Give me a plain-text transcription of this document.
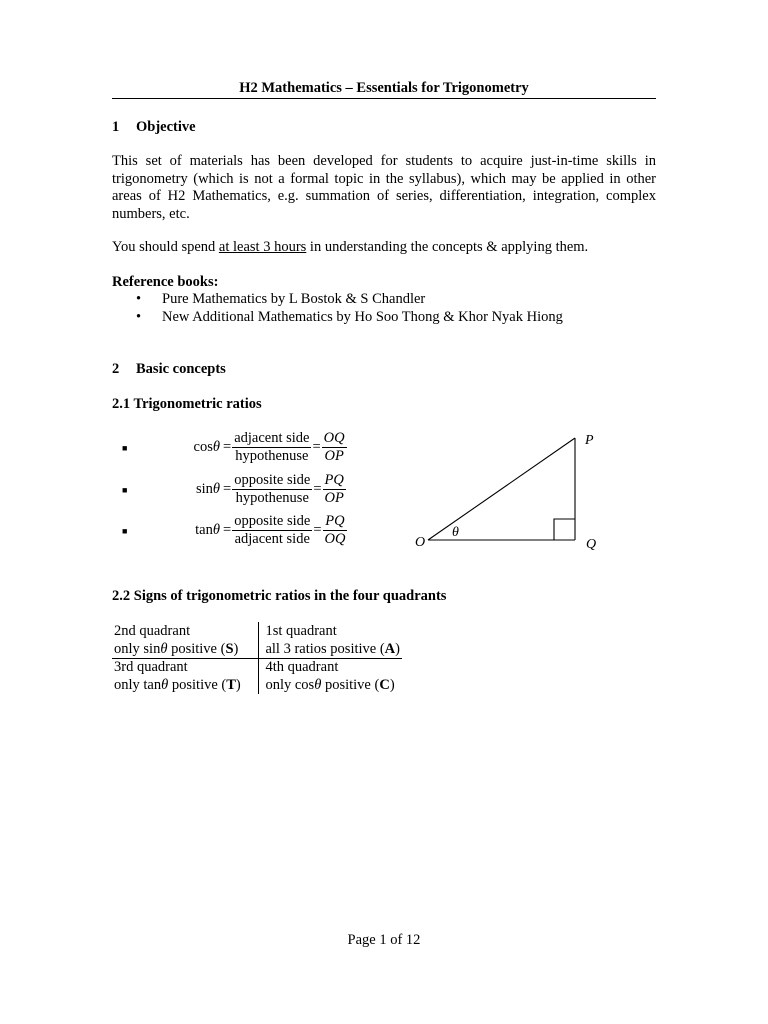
H2 Mathematics – Essentials for Trigonometry
1 Objective
This set of materials has been developed for students to acquire just-in-time skills in trigonometry (which is not a formal topic in the syllabus), which may be applied in other areas of H2 Mathematics, e.g. summation of series, differentiation, integration, complex numbers, etc.
You should spend at least 3 hours in understanding the concepts & applying them.
Reference books:
• Pure Mathematics by L Bostok & S Chandler
• New Additional Mathematics by Ho Soo Thong & Khor Nyak Hiong
2 Basic concepts
2.1 Trigonometric ratios
■	$\cos\theta = \frac{\text{adjacent side}}{\text{hypothenuse}} = \frac{OQ}{OP}$
■	$\sin\theta = \frac{\text{opposite side}}{\text{hypothenuse}} = \frac{PQ}{OP}$
■	$\tan\theta = \frac{\text{opposite side}}{\text{adjacent side}} = \frac{PQ}{OQ}$
P
O	Q
θ
2.2 Signs of trigonometric ratios in the four quadrants
2nd quadrant	1st quadrant
only sinθ positive (S)	all 3 ratios positive (A)
3rd quadrant	4th quadrant
only tanθ positive (T)	only cosθ positive (C)
Page 1 of 12
